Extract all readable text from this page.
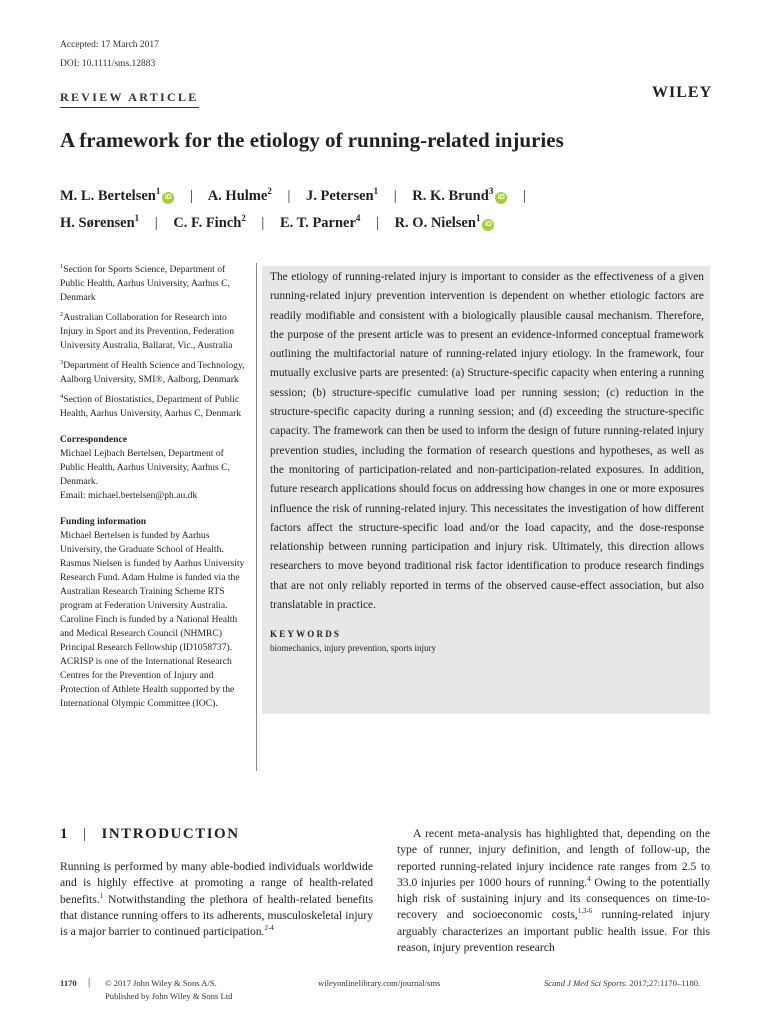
Accepted: 17 March 2017
DOI: 10.1111/sms.12883
REVIEW ARTICLE	WILEY
A framework for the etiology of running-related injuries
M. L. Bertelsen$^1$iD | A. Hulme$^2$ | J. Petersen$^1$ | R. K. Brund$^3$iD |
H. Sørensen$^1$ | C. F. Finch$^2$ | E. T. Parner$^4$ | R. O. Nielsen$^1$iD

$^1$Section for Sports Science, Department of Public Health, Aarhus University, Aarhus C, Denmark

$^2$Australian Collaboration for Research into Injury in Sport and its Prevention, Federation University Australia, Ballarat, Vic., Australia

$^3$Department of Health Science and Technology, Aalborg University, SMI®, Aalborg, Denmark

$^4$Section of Biostatistics, Department of Public Health, Aarhus University, Aarhus C, Denmark

Correspondence

Michael Lejbach Bertelsen, Department of Public Health, Aarhus University, Aarhus C, Denmark.

Email: michael.bertelsen@ph.au.dk

Funding information

Michael Bertelsen is funded by Aarhus University, the Graduate School of Health. Rasmus Nielsen is funded by Aarhus University Research Fund. Adam Hulme is funded via the Australian Research Training Scheme RTS program at Federation University Australia. Caroline Finch is funded by a National Health and Medical Research Council (NHMRC) Principal Research Fellowship (ID1058737). ACRISP is one of the International Research Centres for the Prevention of Injury and Protection of Athlete Health supported by the International Olympic Committee (IOC).

The etiology of running-related injury is important to consider as the effectiveness of a given running-related injury prevention intervention is dependent on whether etiologic factors are readily modifiable and consistent with a biologically plausible causal mechanism. Therefore, the purpose of the present article was to present an evidence-informed conceptual framework outlining the multifactorial nature of running-related injury etiology. In the framework, four mutually exclusive parts are presented: (a) Structure-specific capacity when entering a running session; (b) structure-specific cumulative load per running session; (c) reduction in the structure-specific capacity during a running session; and (d) exceeding the structure-specific capacity. The framework can then be used to inform the design of future running-related injury prevention studies, including the formation of research questions and hypotheses, as well as the monitoring of participation-related and non-participation-related exposures. In addition, future research applications should focus on addressing how changes in one or more exposures influence the risk of running-related injury. This necessitates the investigation of how different factors affect the structure-specific load and/or the load capacity, and the dose-response relationship between running participation and injury risk. Ultimately, this direction allows researchers to move beyond traditional risk factor identification to produce research findings that are not only reliably reported in terms of the observed cause-effect association, but also translatable in practice.
KEYWORDS
biomechanics, injury prevention, sports injury
1 | INTRODUCTION
Running is performed by many able-bodied individuals worldwide and is highly effective at promoting a range of health-related benefits.$^1$ Notwithstanding the plethora of health-related benefits that distance running offers to its adherents, musculoskeletal injury is a major barrier to continued participation.$^{2-4}$
A recent meta-analysis has highlighted that, depending on the type of runner, injury definition, and length of follow-up, the reported running-related injury incidence rate ranges from 2.5 to 33.0 injuries per 1000 hours of running.$^4$ Owing to the potentially high risk of sustaining injury and its consequences on time-to-recovery and socioeconomic costs,$^{1,3-6}$ running-related injury arguably characterizes an important public health issue. For this reason, injury prevention research
1170 | © 2017 John Wiley & Sons A/S.
Published by John Wiley & Sons Ltd
wileyonlinelibrary.com/journal/sms	Scand J Med Sci Sports. 2017;27:1170–1180.
